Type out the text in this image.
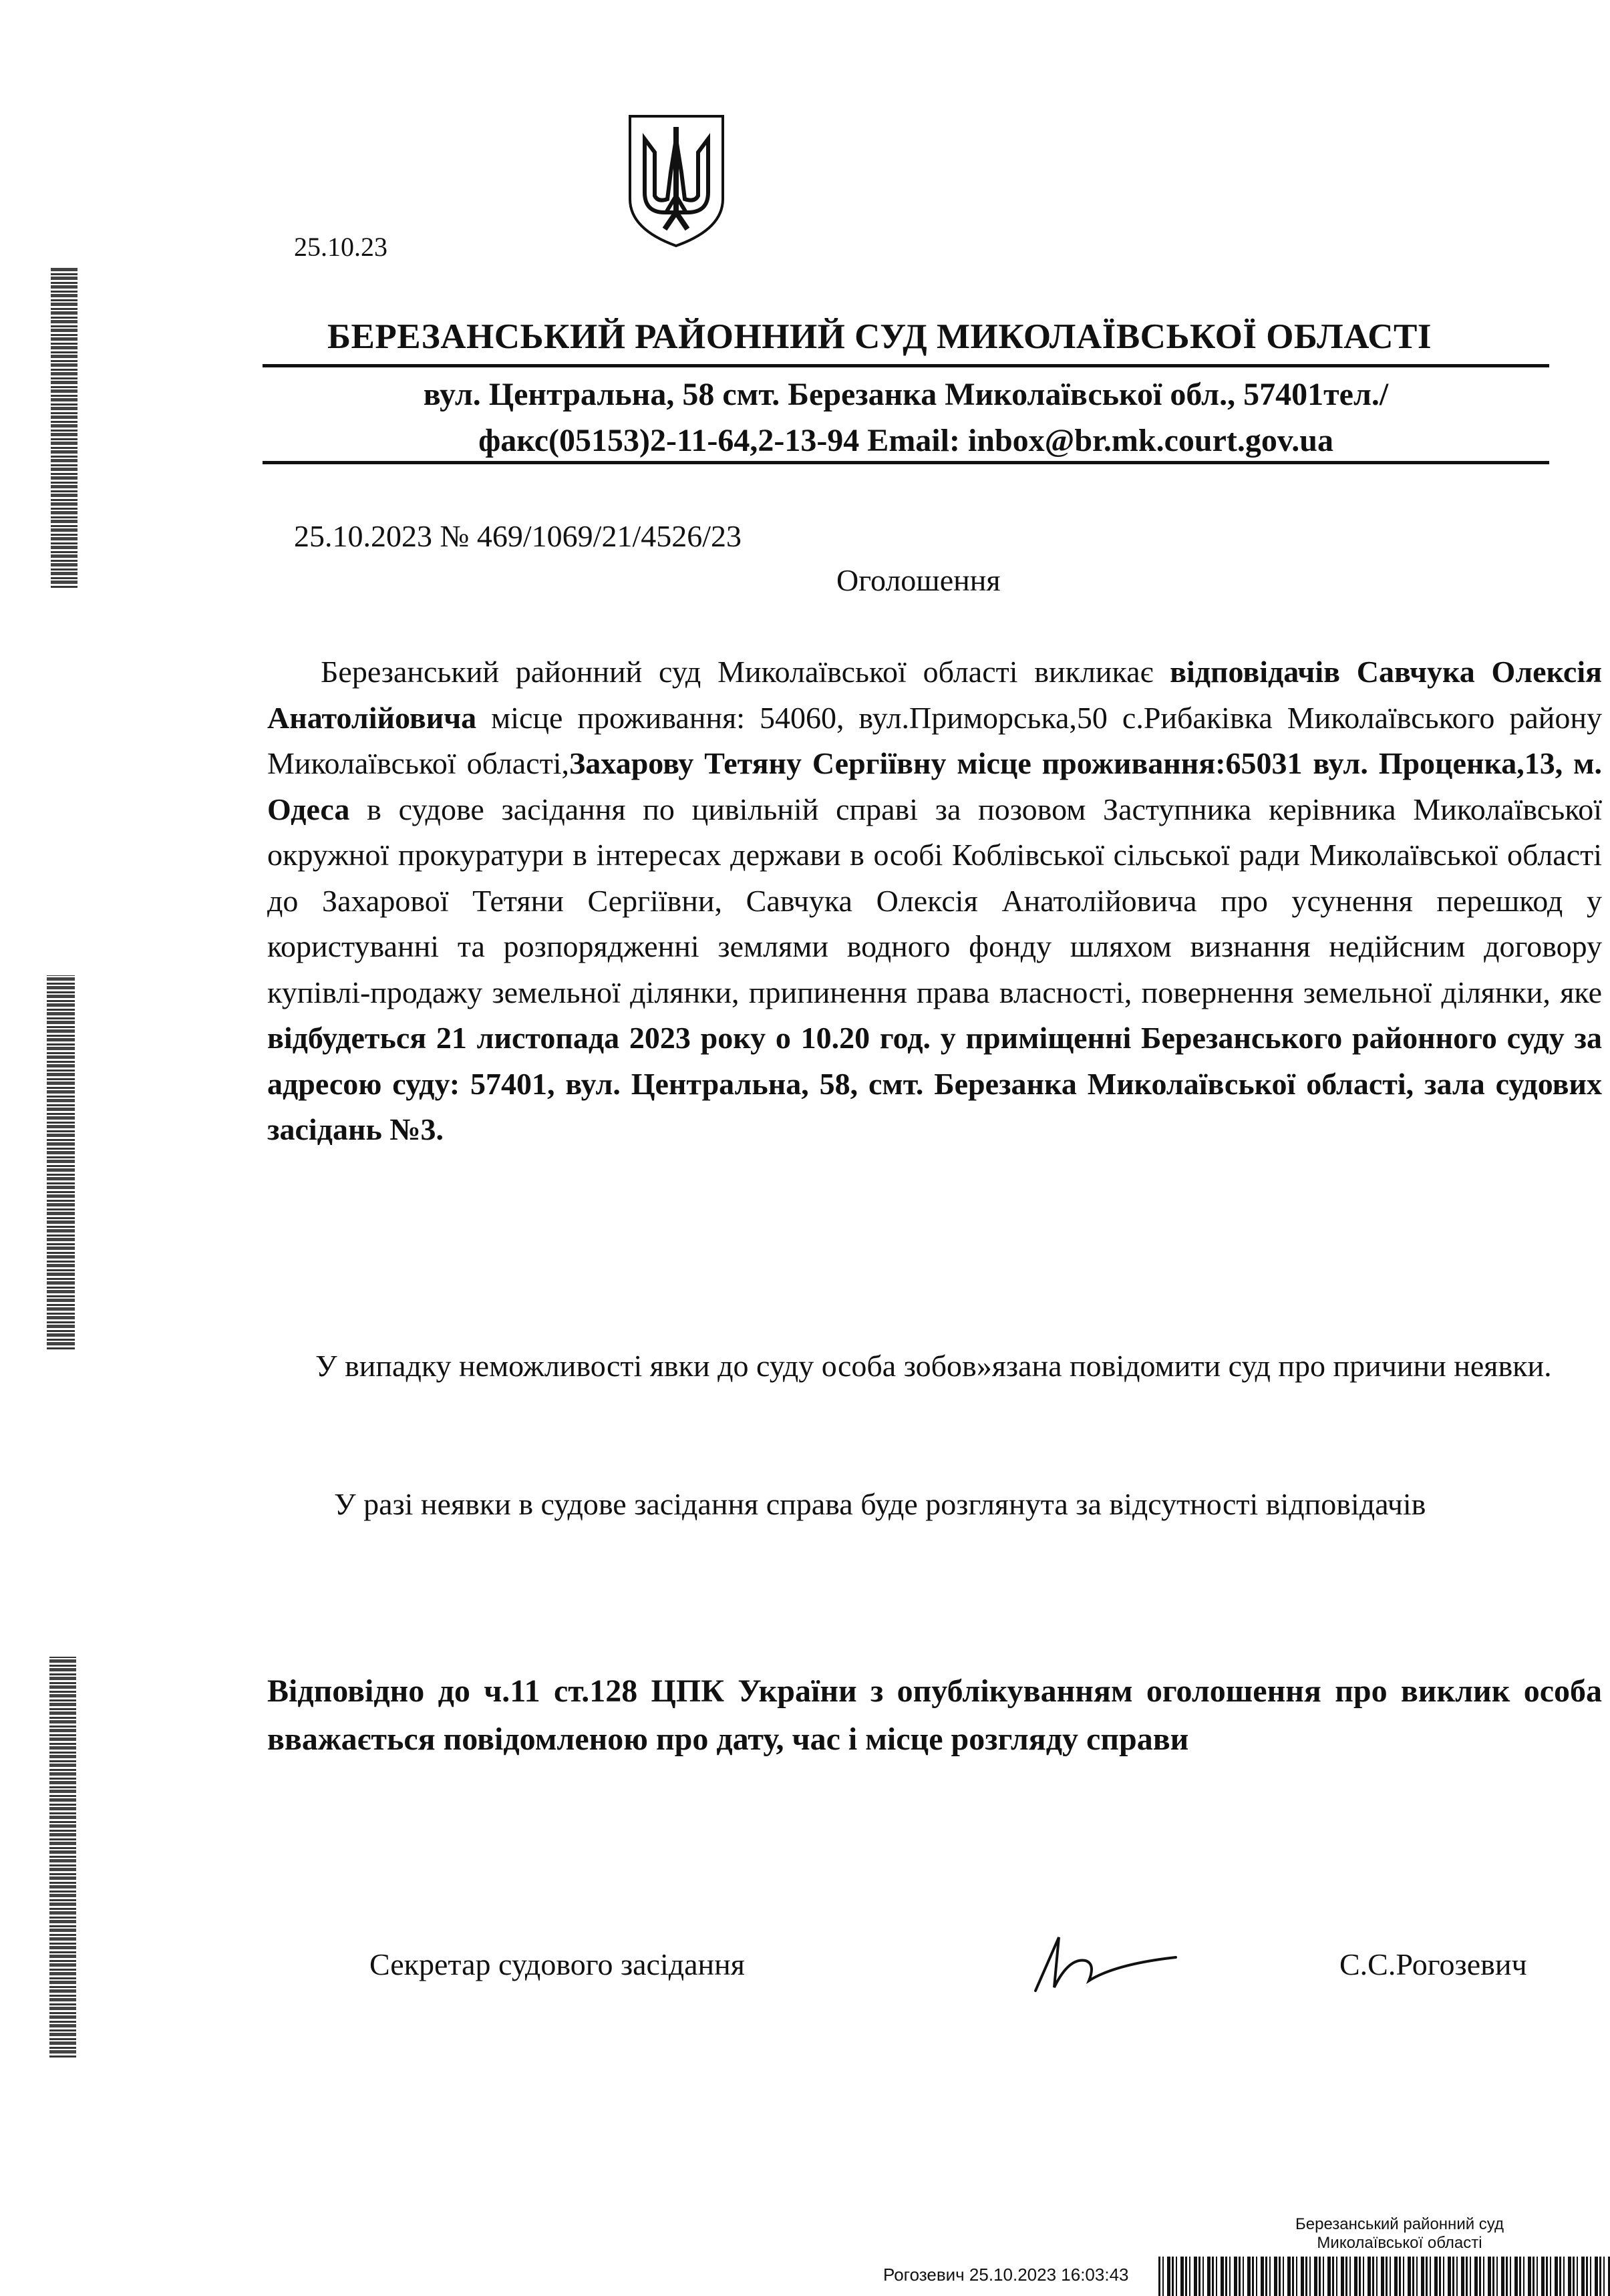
25.10.23
БЕРЕЗАНСЬКИЙ РАЙОННИЙ СУД МИКОЛАЇВСЬКОЇ ОБЛАСТІ
вул. Центральна, 58 смт. Березанка Миколаївської обл., 57401тел./
факс(05153)2-11-64,2-13-94 Email: inbox@br.mk.court.gov.ua
25.10.2023 № 469/1069/21/4526/23
Оголошення

Березанський районний суд Миколаївської області викликає відповідачів Савчука Олексія Анатолійовича місце проживання: 54060, вул.Приморська,50 с.Рибаківка Миколаївського району Миколаївської області,Захарову Тетяну Сергіївну місце проживання:65031 вул. Проценка,13, м. Одеса в судове засідання по цивільній справі за позовом Заступника керівника Миколаївської окружної прокуратури в інтересах держави в особі Коблівської сільської ради Миколаївської області до Захарової Тетяни Сергіївни, Савчука Олексія Анатолійовича про усунення перешкод у користуванні та розпорядженні землями водного фонду шляхом визнання недійсним договору купівлі-продажу земельної ділянки, припинення права власності, повернення земельної ділянки, яке відбудеться 21 листопада 2023 року о 10.20 год. у приміщенні Березанського районного суду за адресою суду: 57401, вул. Центральна, 58, смт. Березанка Миколаївської області, зала судових засідань №3.

У випадку неможливості явки до суду особа зобов»язана повідомити суд про причини неявки.

У разі неявки в судове засідання справа буде розглянута за відсутності відповідачів

Відповідно до ч.11 ст.128 ЦПК України з опублікуванням оголошення про виклик особа вважається повідомленою про дату, час і місце розгляду справи

Секретар судового засідання	С.С.Рогозевич
Березанський районний суд
Миколаївської області
Рогозевич 25.10.2023 16:03:43
